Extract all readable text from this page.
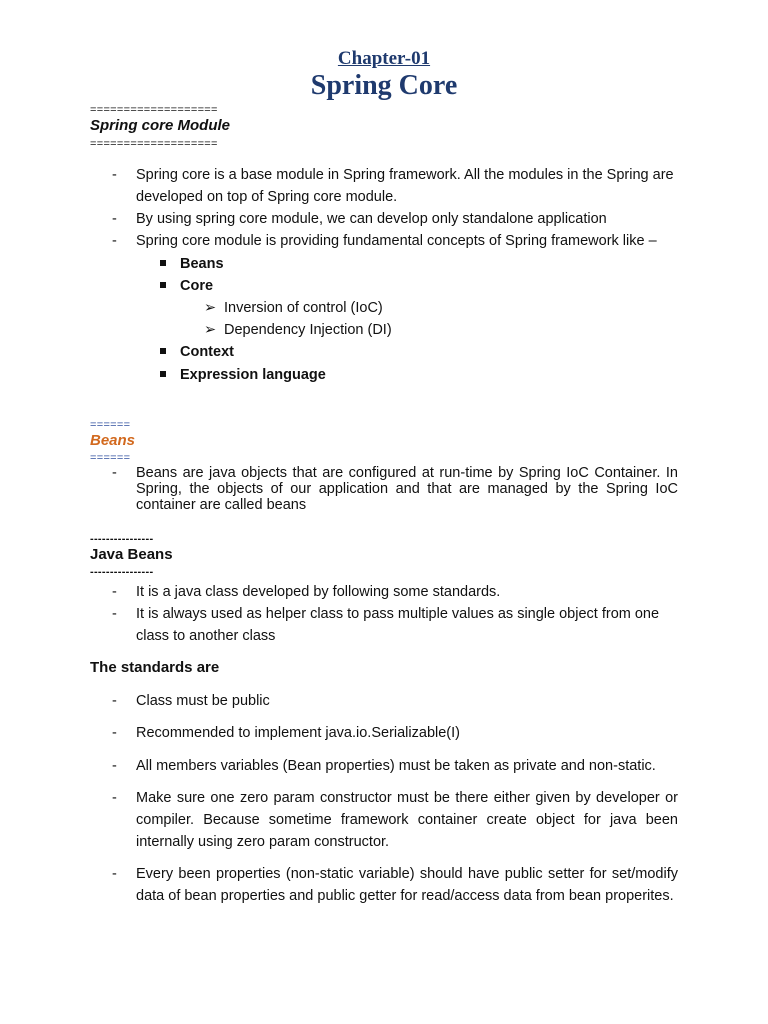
Chapter-01
Spring Core
===================
Spring core Module
===================
-	Spring core is a base module in Spring framework. All the modules in the Spring are developed on top of Spring core module.
-	By using spring core module, we can develop only standalone application
-	Spring core module is providing fundamental concepts of Spring framework like –
Beans
Core
➢ Inversion of control (IoC)
➢ Dependency Injection (DI)
Context
Expression language
======
Beans
======
-	Beans are java objects that are configured at run-time by Spring IoC Container. In Spring, the objects of our application and that are managed by the Spring IoC container are called beans
----------------
Java Beans
----------------
-	It is a java class developed by following some standards.
-	It is always used as helper class to pass multiple values as single object from one class to another class
The standards are
-	Class must be public
-	Recommended to implement java.io.Serializable(I)
-	All members variables (Bean properties) must be taken as private and non-static.
-	Make sure one zero param constructor must be there either given by developer or compiler. Because sometime framework container create object for java been internally using zero param constructor.
-	Every been properties (non-static variable) should have public setter for set/modify data of bean properties and public getter for read/access data from bean properites.
